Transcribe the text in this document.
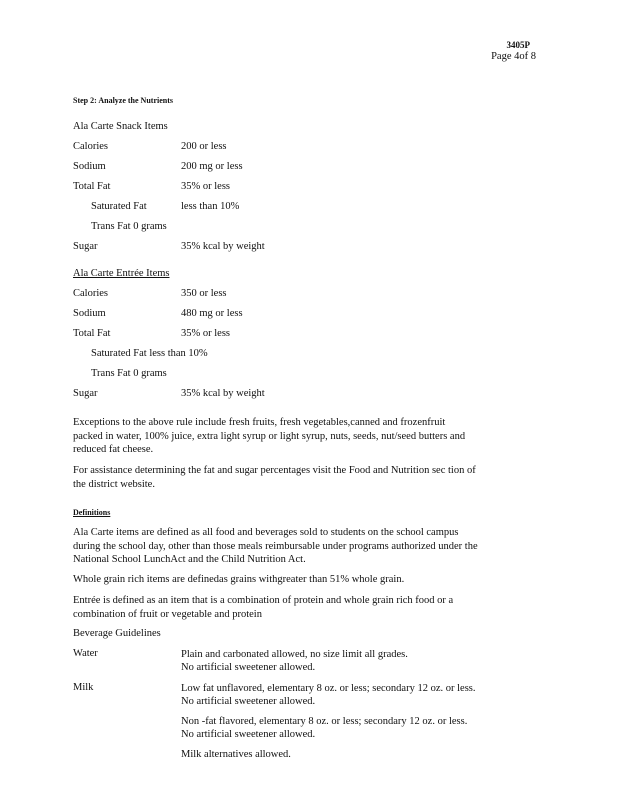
3405P
Page 4of 8
Step 2: Analyze the Nutrients
Ala Carte Snack Items
Calories	200 or less
Sodium	200 mg or less
Total Fat	35% or less
Saturated Fat	less than 10%
Trans Fat 0 grams
Sugar	35% kcal by weight
Ala Carte Entrée Items
Calories	350 or less
Sodium	480 mg or less
Total Fat	35% or less
Saturated Fat less than 10%
Trans Fat 0 grams
Sugar	35% kcal by weight
Exceptions to the above rule include fresh fruits, fresh vegetables,canned and frozenfruit
packed in water, 100% juice, extra light syrup or light syrup, nuts, seeds, nut/seed butters and
reduced fat cheese.
For assistance determining the fat and sugar percentages visit the Food and Nutrition sec tion of
the district website.
Definitions
Ala Carte items are defined as all food and beverages sold to students on the school campus
during the school day, other than those meals reimbursable under programs authorized under the
National School LunchAct and the Child Nutrition Act.
Whole grain rich items are definedas grains withgreater than 51% whole grain.
Entrée is defined as an item that is a combination of protein and whole grain rich food or a
combination of fruit or vegetable and protein
Beverage Guidelines
Water	Plain and carbonated allowed, no size limit all grades.
No artificial sweetener allowed.
Milk	Low fat unflavored, elementary 8 oz. or less; secondary 12 oz. or less.
No artificial sweetener allowed.
Non -fat flavored, elementary 8 oz. or less; secondary 12 oz. or less.
No artificial sweetener allowed.
Milk alternatives allowed.
